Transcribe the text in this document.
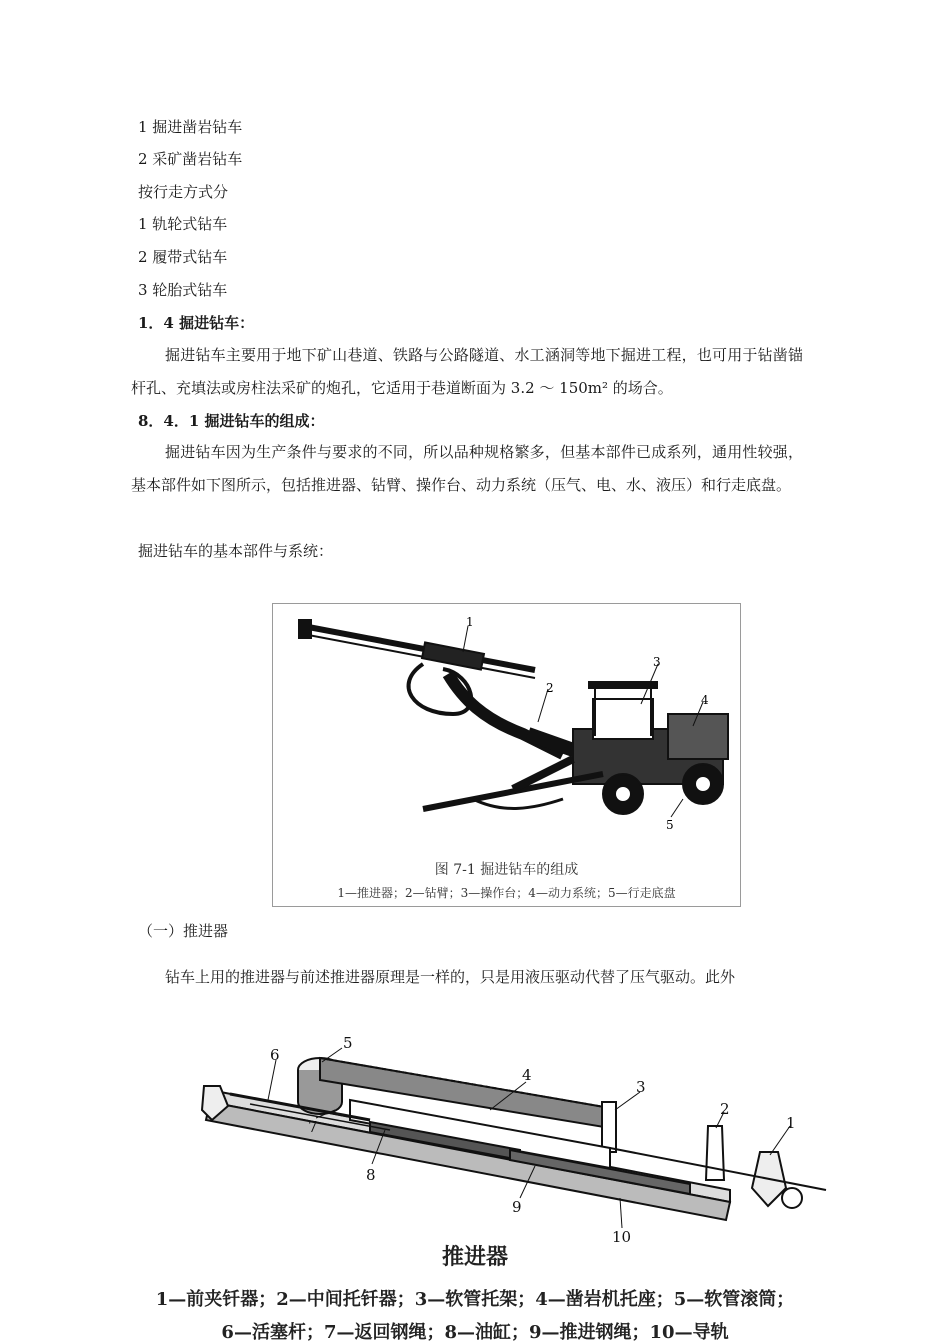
1 掘进凿岩钻车
2 采矿凿岩钻车
按行走方式分
1 轨轮式钻车
2 履带式钻车
3 轮胎式钻车
1．4 掘进钻车：
掘进钻车主要用于地下矿山巷道、铁路与公路隧道、水工涵洞等地下掘进工程，也可用于钻凿锚杆孔、充填法或房柱法采矿的炮孔，它适用于巷道断面为 3.2 ～ 150m² 的场合。
8．4．1 掘进钻车的组成：
掘进钻车因为生产条件与要求的不同，所以品种规格繁多，但基本部件已成系列，通用性较强，基本部件如下图所示，包括推进器、钻臂、操作台、动力系统（压气、电、水、液压）和行走底盘。
掘进钻车的基本部件与系统：
1
2
3
4
5
图 7-1 掘进钻车的组成
1—推进器；2—钻臂；3—操作台；4—动力系统；5—行走底盘
（一）推进器
钻车上用的推进器与前述推进器原理是一样的，只是用液压驱动代替了压气驱动。此外
1
2
3
4
5
6
7
8
9
10
推进器
1—前夹钎器；2—中间托钎器；3—软管托架；4—凿岩机托座；5—软管滚筒；
6—活塞杆；7—返回钢绳；8—油缸；9—推进钢绳；10—导轨
